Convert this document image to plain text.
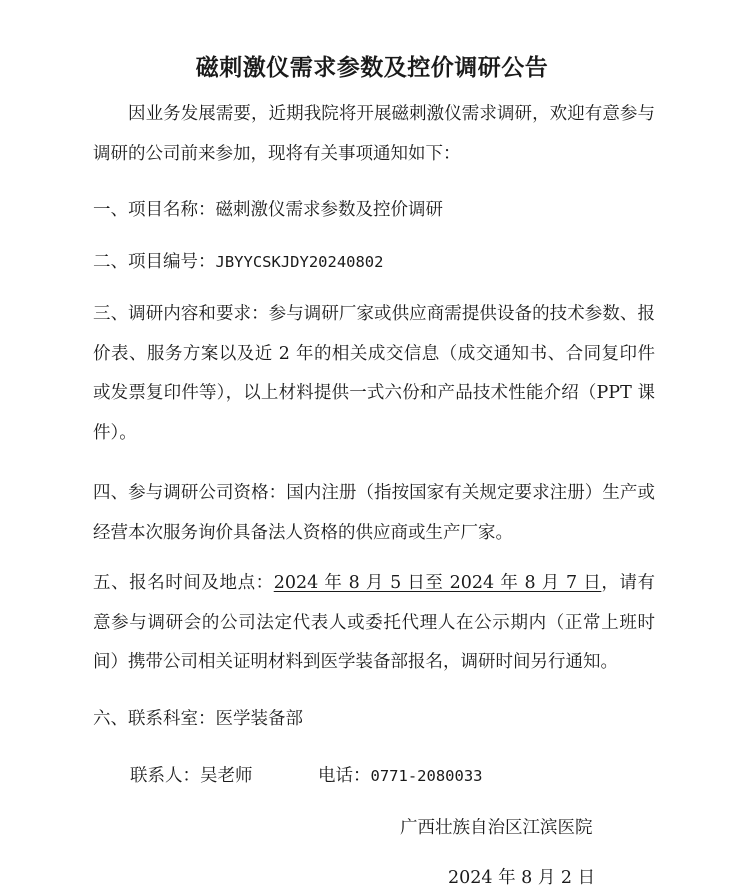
磁刺激仪需求参数及控价调研公告

因业务发展需要，近期我院将开展磁刺激仪需求调研，欢迎有意参与调研的公司前来参加，现将有关事项通知如下：

一、项目名称：磁刺激仪需求参数及控价调研

二、项目编号：JBYYCSKJDY20240802

三、调研内容和要求：参与调研厂家或供应商需提供设备的技术参数、报价表、服务方案以及近 2 年的相关成交信息（成交通知书、合同复印件或发票复印件等），以上材料提供一式六份和产品技术性能介绍（PPT 课件）。

四、参与调研公司资格：国内注册（指按国家有关规定要求注册）生产或经营本次服务询价具备法人资格的供应商或生产厂家。

五、报名时间及地点：2024 年 8 月 5 日至 2024 年 8 月 7 日，请有意参与调研会的公司法定代表人或委托代理人在公示期内（正常上班时间）携带公司相关证明材料到医学装备部报名，调研时间另行通知。

六、联系科室：医学装备部

联系人：吴老师	电话：0771-2080033
广西壮族自治区江滨医院
2024 年 8 月 2 日
